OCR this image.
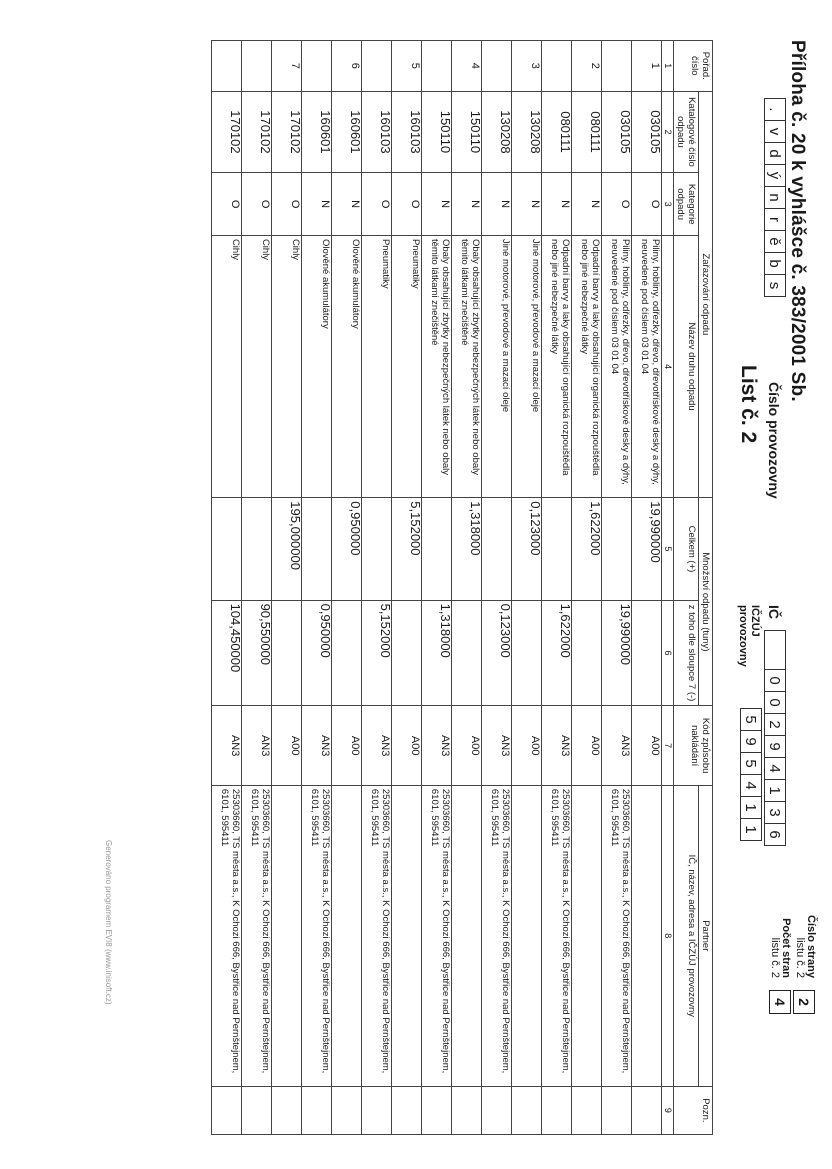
Příloha č. 20 k vyhlášce č. 383/2001 Sb.
Číslo strany
listu č. 2
2
Počet stran
listu č. 2
4
IČ
0
0
2
9
4
1
3
6
IČZÚJ
provozovny
5
9
5
4
1
1
Číslo provozovny
.
v
d
ý
n
r
ě
b
s
List č. 2
Pořad. číslo	Zařazování odpadu			Množství odpadu (tuny)		Kód způsobu nakládání	Partner	Pozn.
	Katalogové číslo odpadu	Kategorie odpadu	Název druhu odpadu	Celkem (+)	z toho dle sloupce 7 (-)		IČ, název, adresa a IČZÚJ provozovny	
1	2	3	4	5	6	7	8	9
1	030105	O	Piliny, hobliny, odřezky, dřevo, dřevotřískové desky a dýhy, neuvedené pod číslem 03 01 04	19,990000		A00		
	030105	O	Piliny, hobliny, odřezky, dřevo, dřevotřískové desky a dýhy, neuvedené pod číslem 03 01 04		19,990000	AN3	25303660, TS města a.s., K Ochozi 666, Bystřice nad Pernštejnem, 6101, 595411	
2	080111	N	Odpadní barvy a laky obsahující organická rozpouštědla nebo jiné nebezpečné látky	1,622000		A00		
	080111	N	Odpadní barvy a laky obsahující organická rozpouštědla nebo jiné nebezpečné látky		1,622000	AN3	25303660, TS města a.s., K Ochozi 666, Bystřice nad Pernštejnem, 6101, 595411	
3	130208	N	Jiné motorové, převodové a mazací oleje	0,123000		A00		
	130208	N	Jiné motorové, převodové a mazací oleje		0,123000	AN3	25303660, TS města a.s., K Ochozi 666, Bystřice nad Pernštejnem, 6101, 595411	
4	150110	N	Obaly obsahující zbytky nebezpečných látek nebo obaly těmito látkami znečištěné	1,318000		A00		
	150110	N	Obaly obsahující zbytky nebezpečných látek nebo obaly těmito látkami znečištěné		1,318000	AN3	25303660, TS města a.s., K Ochozi 666, Bystřice nad Pernštejnem, 6101, 595411	
5	160103	O	Pneumatiky	5,152000		A00		
	160103	O	Pneumatiky		5,152000	AN3	25303660, TS města a.s., K Ochozi 666, Bystřice nad Pernštejnem, 6101, 595411	
6	160601	N	Olověné akumulátory	0,950000		A00		
	160601	N	Olověné akumulátory		0,950000	AN3	25303660, TS města a.s., K Ochozi 666, Bystřice nad Pernštejnem, 6101, 595411	
7	170102	O	Cihly	195,000000		A00		
	170102	O	Cihly		90,550000	AN3	25303660, TS města a.s., K Ochozi 666, Bystřice nad Pernštejnem, 6101, 595411	
	170102	O	Cihly		104,450000	AN3	25303660, TS města a.s., K Ochozi 666, Bystřice nad Pernštejnem, 6101, 595411	
Generováno programem EVI8 (www.inisoft.cz)
